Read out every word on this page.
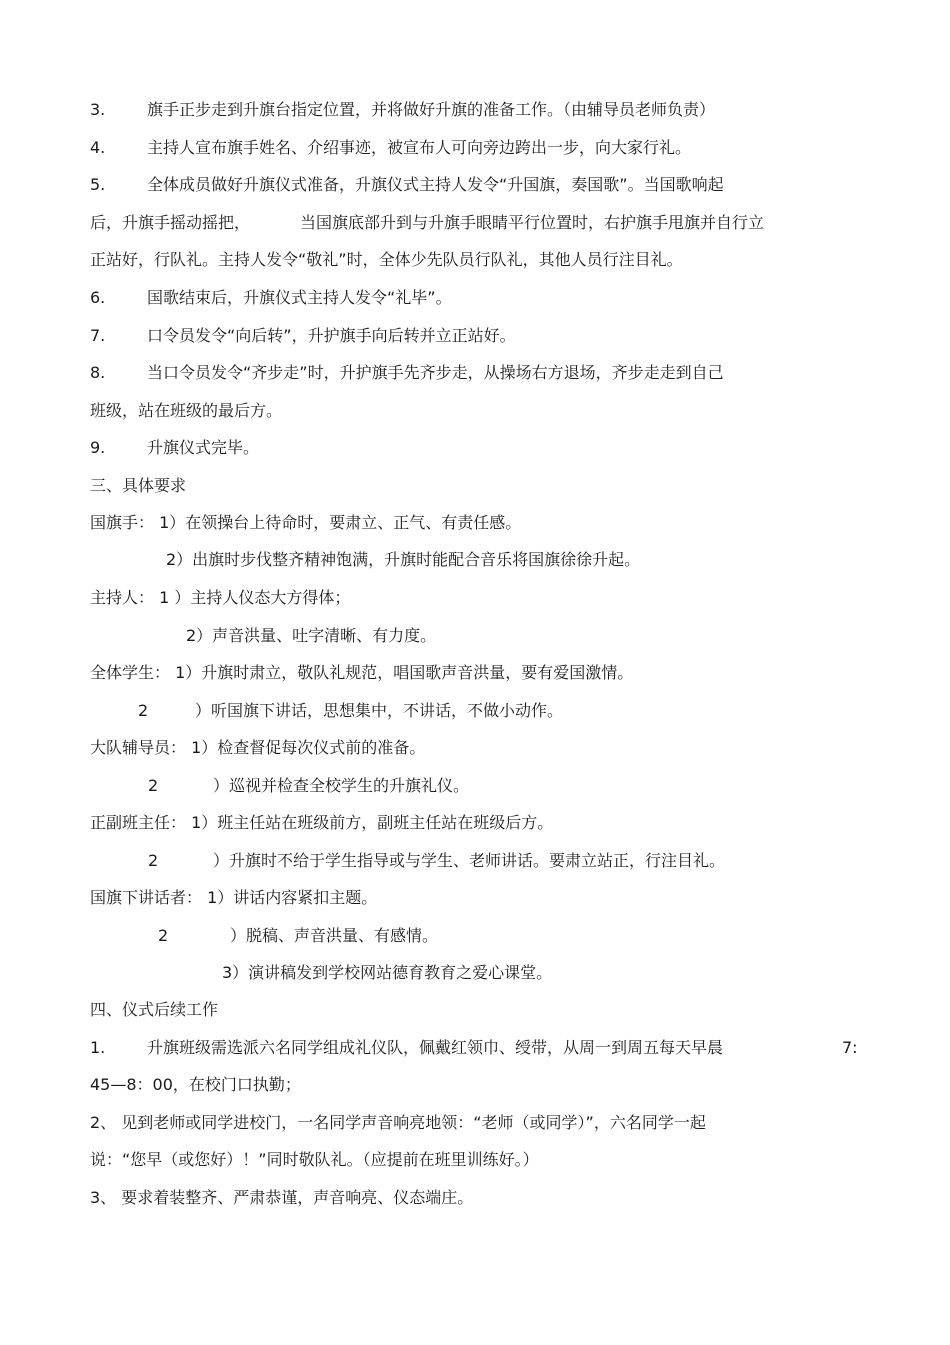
3.	旗手正步走到升旗台指定位置，并将做好升旗的准备工作。（由辅导员老师负责）
4.	主持人宣布旗手姓名、介绍事迹，被宣布人可向旁边跨出一步，向大家行礼。
5.	全体成员做好升旗仪式准备，升旗仪式主持人发令“升国旗，奏国歌”。当国歌响起
后，升旗手摇动摇把，	当国旗底部升到与升旗手眼睛平行位置时，右护旗手甩旗并自行立
正站好，行队礼。主持人发令“敬礼”时，全体少先队员行队礼，其他人员行注目礼。
6.	国歌结束后，升旗仪式主持人发令“礼毕”。
7.	口令员发令“向后转”，升护旗手向后转并立正站好。
8.	当口令员发令“齐步走”时，升护旗手先齐步走，从操场右方退场，齐步走走到自己
班级，站在班级的最后方。
9.	升旗仪式完毕。
三、具体要求
国旗手： 1）在领操台上待命时，要肃立、正气、有责任感。
2）出旗时步伐整齐精神饱满，升旗时能配合音乐将国旗徐徐升起。
主持人： 1 ）主持人仪态大方得体；
2）声音洪量、吐字清晰、有力度。
全体学生： 1）升旗时肃立，敬队礼规范，唱国歌声音洪量，要有爱国激情。
2	）听国旗下讲话，思想集中，不讲话，不做小动作。
大队辅导员： 1）检查督促每次仪式前的准备。
2	）巡视并检查全校学生的升旗礼仪。
正副班主任： 1）班主任站在班级前方，副班主任站在班级后方。
2	）升旗时不给于学生指导或与学生、老师讲话。要肃立站正，行注目礼。
国旗下讲话者： 1）讲话内容紧扣主题。
2	）脱稿、声音洪量、有感情。
3）演讲稿发到学校网站德育教育之爱心课堂。
四、仪式后续工作
1.	升旗班级需选派六名同学组成礼仪队，佩戴红领巾、绶带，从周一到周五每天早晨	7:
45—8：00，在校门口执勤；
2、 见到老师或同学进校门，一名同学声音响亮地领：“老师（或同学）”，六名同学一起
说：“您早（或您好）！”同时敬队礼。（应提前在班里训练好。）
3、 要求着装整齐、严肃恭谨，声音响亮、仪态端庄。
